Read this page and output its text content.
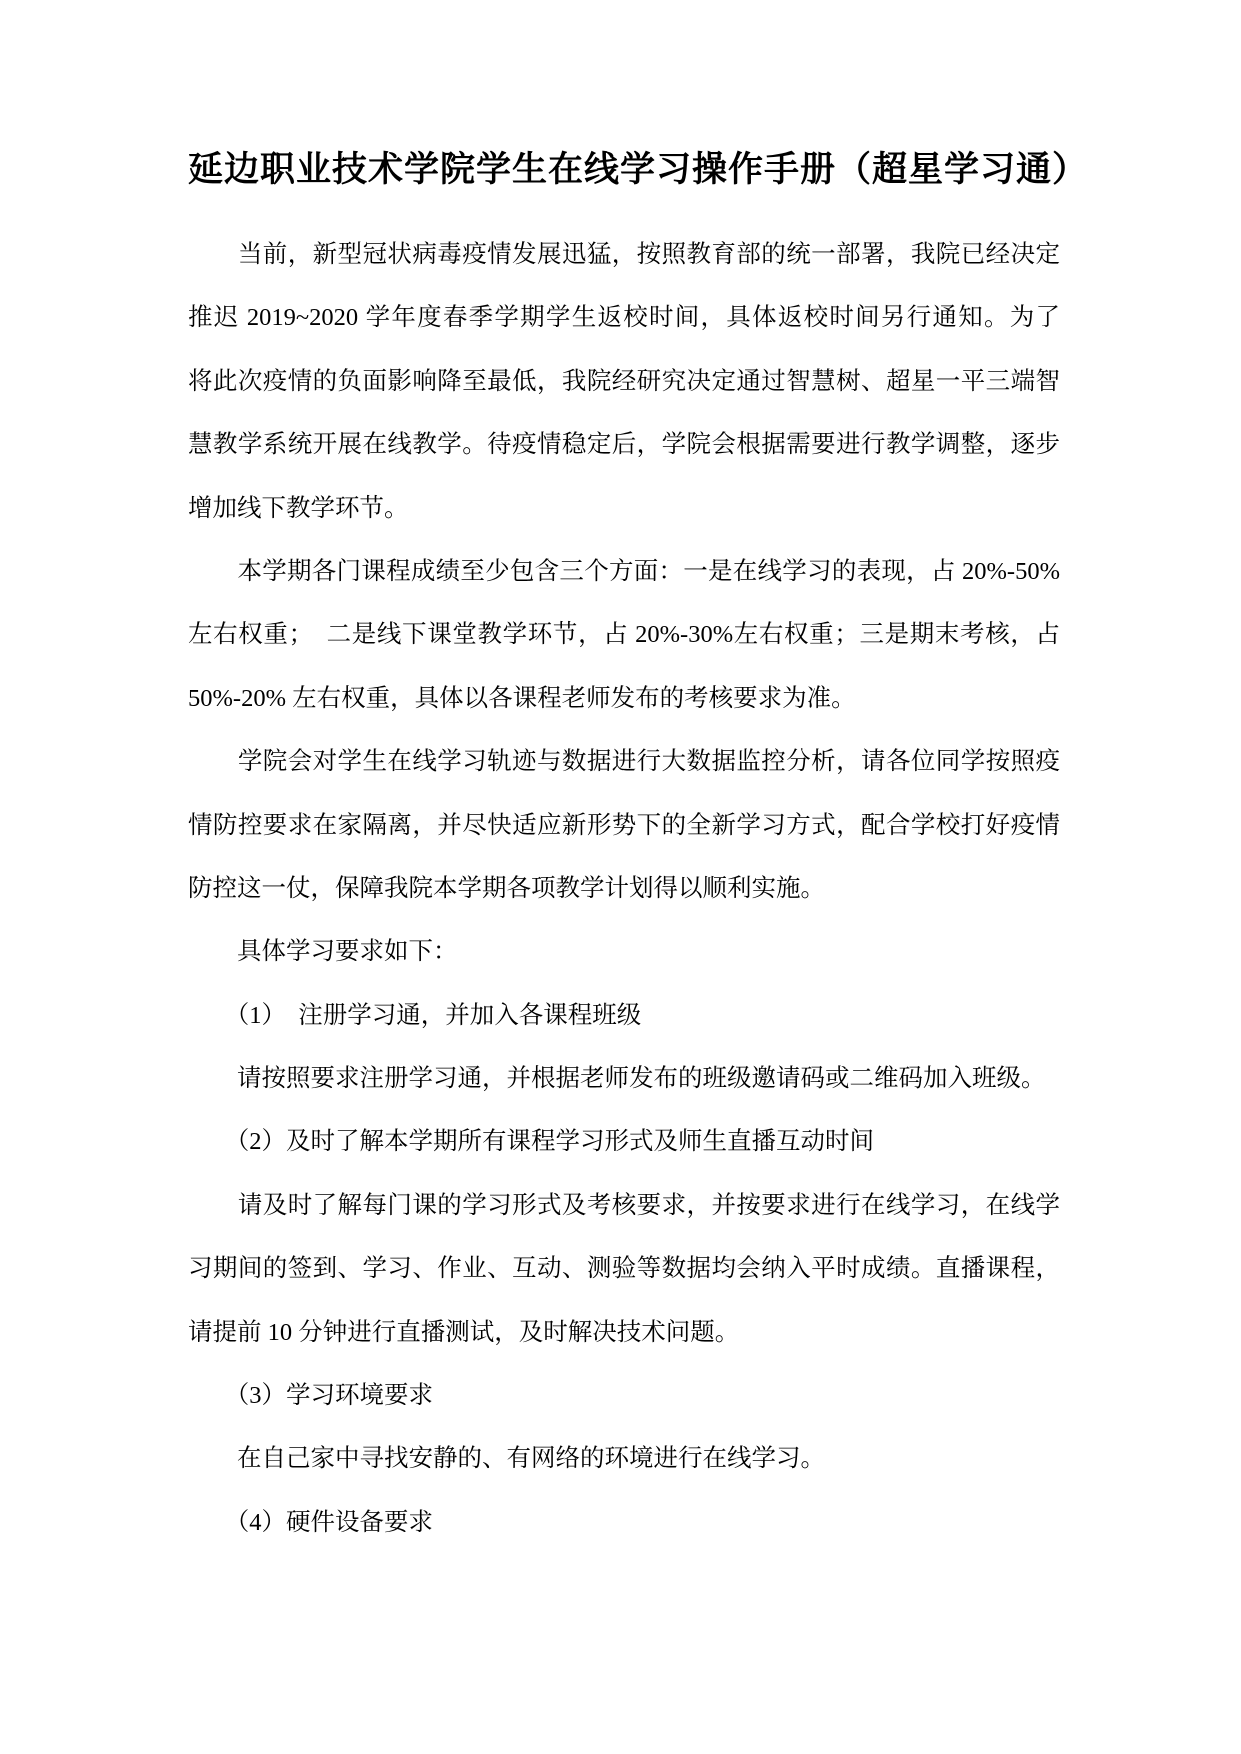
延边职业技术学院学生在线学习操作手册（超星学习通）
　　当前，新型冠状病毒疫情发展迅猛，按照教育部的统一部署，我院已经决定
推迟 2019~2020 学年度春季学期学生返校时间，具体返校时间另行通知。为了
将此次疫情的负面影响降至最低，我院经研究决定通过智慧树、超星一平三端智
慧教学系统开展在线教学。待疫情稳定后，学院会根据需要进行教学调整，逐步
增加线下教学环节。
　　本学期各门课程成绩至少包含三个方面：一是在线学习的表现，占 20%-50%
左右权重；　二是线下课堂教学环节，占 20%-30%左右权重；三是期末考核，占
50%-20% 左右权重，具体以各课程老师发布的考核要求为准。
　　学院会对学生在线学习轨迹与数据进行大数据监控分析，请各位同学按照疫
情防控要求在家隔离，并尽快适应新形势下的全新学习方式，配合学校打好疫情
防控这一仗，保障我院本学期各项教学计划得以顺利实施。
　　具体学习要求如下：
　　（1）　注册学习通，并加入各课程班级
　　请按照要求注册学习通，并根据老师发布的班级邀请码或二维码加入班级。
　　（2）及时了解本学期所有课程学习形式及师生直播互动时间
　　请及时了解每门课的学习形式及考核要求，并按要求进行在线学习，在线学
习期间的签到、学习、作业、互动、测验等数据均会纳入平时成绩。直播课程，
请提前 10 分钟进行直播测试，及时解决技术问题。
　　（3）学习环境要求
　　在自己家中寻找安静的、有网络的环境进行在线学习。
　　（4）硬件设备要求
